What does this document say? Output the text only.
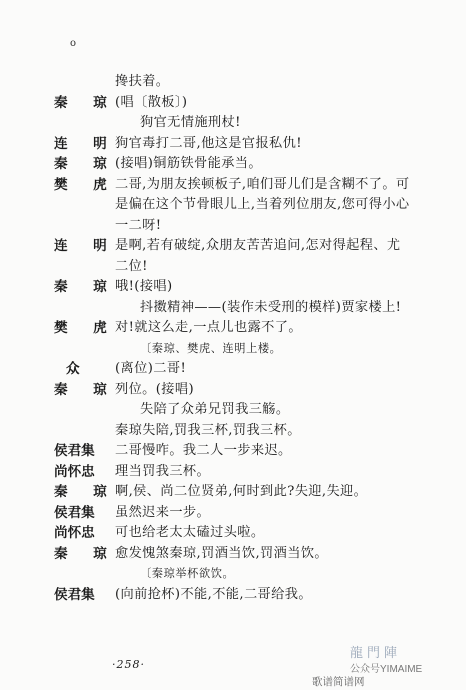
o
搀扶着。
秦　琼 (唱〔散板〕)
狗官无情施刑杖!
连　明 狗官毒打二哥,他这是官报私仇!
秦　琼 (接唱)铜筋铁骨能承当。
樊　虎 二哥,为朋友挨顿板子,咱们哥儿们是含糊不了。可
是偏在这个节骨眼儿上,当着列位朋友,您可得小心
一二呀!
连　明 是啊,若有破绽,众朋友苦苦追问,怎对得起程、尤
二位!
秦　琼 哦!(接唱)
抖擞精神——(装作未受刑的模样)贾家楼上!
樊　虎 对!就这么走,一点儿也露不了。
〔秦琼、樊虎、连明上楼。
众	(离位)二哥!
秦　琼 列位。(接唱)
失陪了众弟兄罚我三觞。
秦琼失陪,罚我三杯,罚我三杯。
侯君集	二哥慢咋。我二人一步来迟。
尚怀忠	理当罚我三杯。
秦　琼 啊,侯、尚二位贤弟,何时到此?失迎,失迎。
侯君集	虽然迟来一步。
尚怀忠	可也给老太太磕过头啦。
秦　琼 愈发愧煞秦琼,罚酒当饮,罚酒当饮。
〔秦琼举杯欲饮。
侯君集	(向前抢杯)不能,不能,二哥给我。
·258·
龍門陣
公众号YIMAIME
歌谱简谱网
